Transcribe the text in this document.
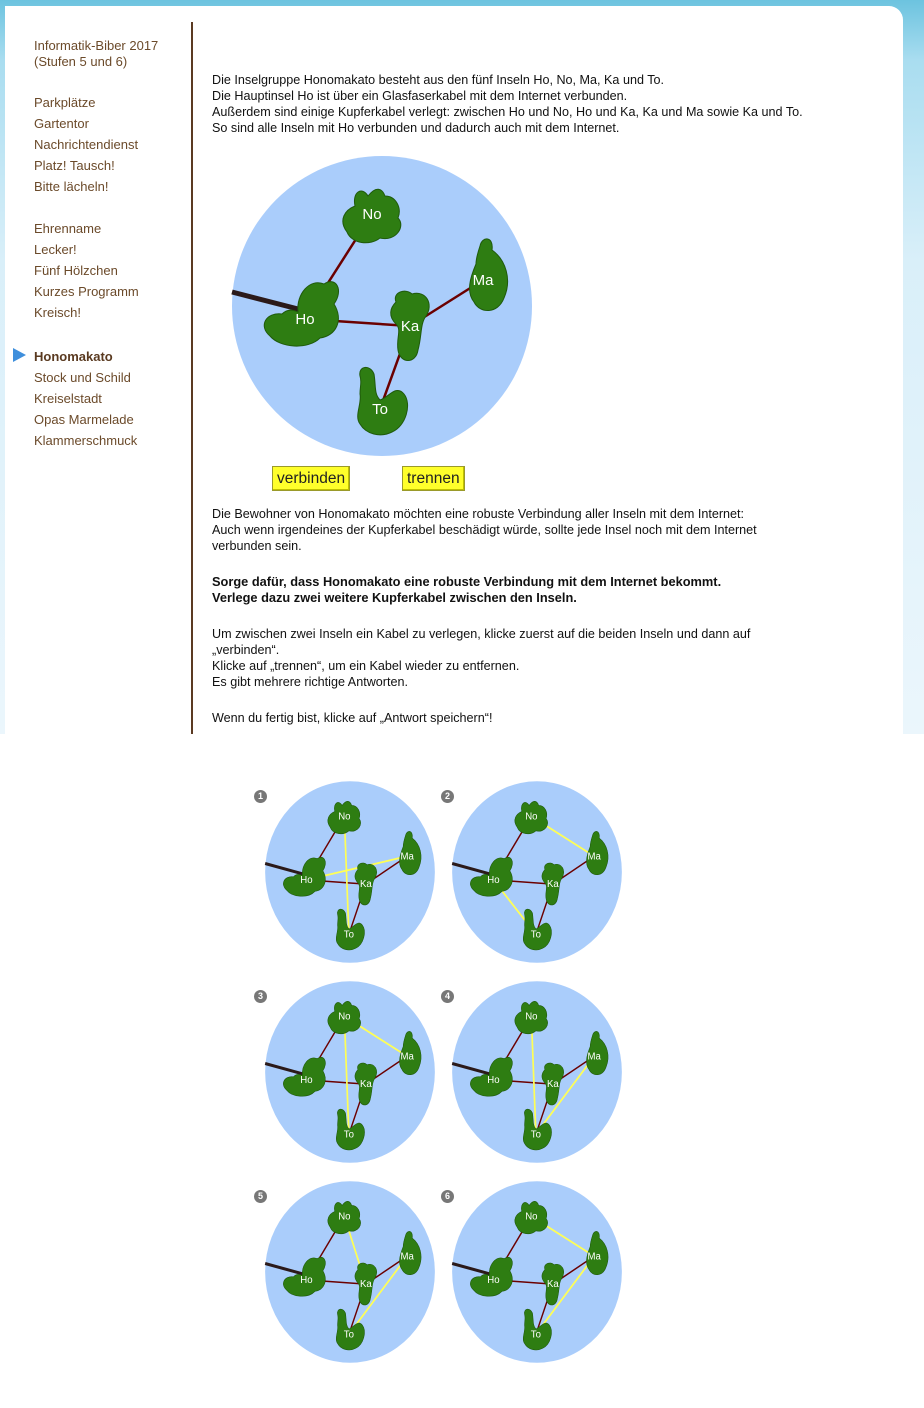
Informatik-Biber 2017
(Stufen 5 und 6)
Parkplätze
Gartentor
Nachrichtendienst
Platz! Tausch!
Bitte lächeln!
Ehrenname
Lecker!
Fünf Hölzchen
Kurzes Programm
Kreisch!
Honomakato
Stock und Schild
Kreiselstadt
Opas Marmelade
Klammerschmuck

Die Inselgruppe Honomakato besteht aus den fünf Inseln Ho, No, Ma, Ka und To.
Die Hauptinsel Ho ist über ein Glasfaserkabel mit dem Internet verbunden.
Außerdem sind einige Kupferkabel verlegt: zwischen Ho und No, Ho und Ka, Ka und Ma sowie Ka und To.
So sind alle Inseln mit Ho verbunden und dadurch auch mit dem Internet.

No
Ho	Ka
Ma
To
verbinden	trennen

Die Bewohner von Honomakato möchten eine robuste Verbindung aller Inseln mit dem Internet:
Auch wenn irgendeines der Kupferkabel beschädigt würde, sollte jede Insel noch mit dem Internet
verbunden sein.

Sorge dafür, dass Honomakato eine robuste Verbindung mit dem Internet bekommt.
Verlege dazu zwei weitere Kupferkabel zwischen den Inseln.

Um zwischen zwei Inseln ein Kabel zu verlegen, klicke zuerst auf die beiden Inseln und dann auf
„verbinden“.
Klicke auf „trennen“, um ein Kabel wieder zu entfernen.
Es gibt mehrere richtige Antworten.

Wenn du fertig bist, klicke auf „Antwort speichern“!

1
No
Ho	Ka
Ma
To
2
No
Ho	Ka
Ma
To
3
No
Ho	Ka
Ma
To
4
No
Ho	Ka
Ma
To
5
No
Ho	Ka
Ma
To
6
No
Ho	Ka
Ma
To
